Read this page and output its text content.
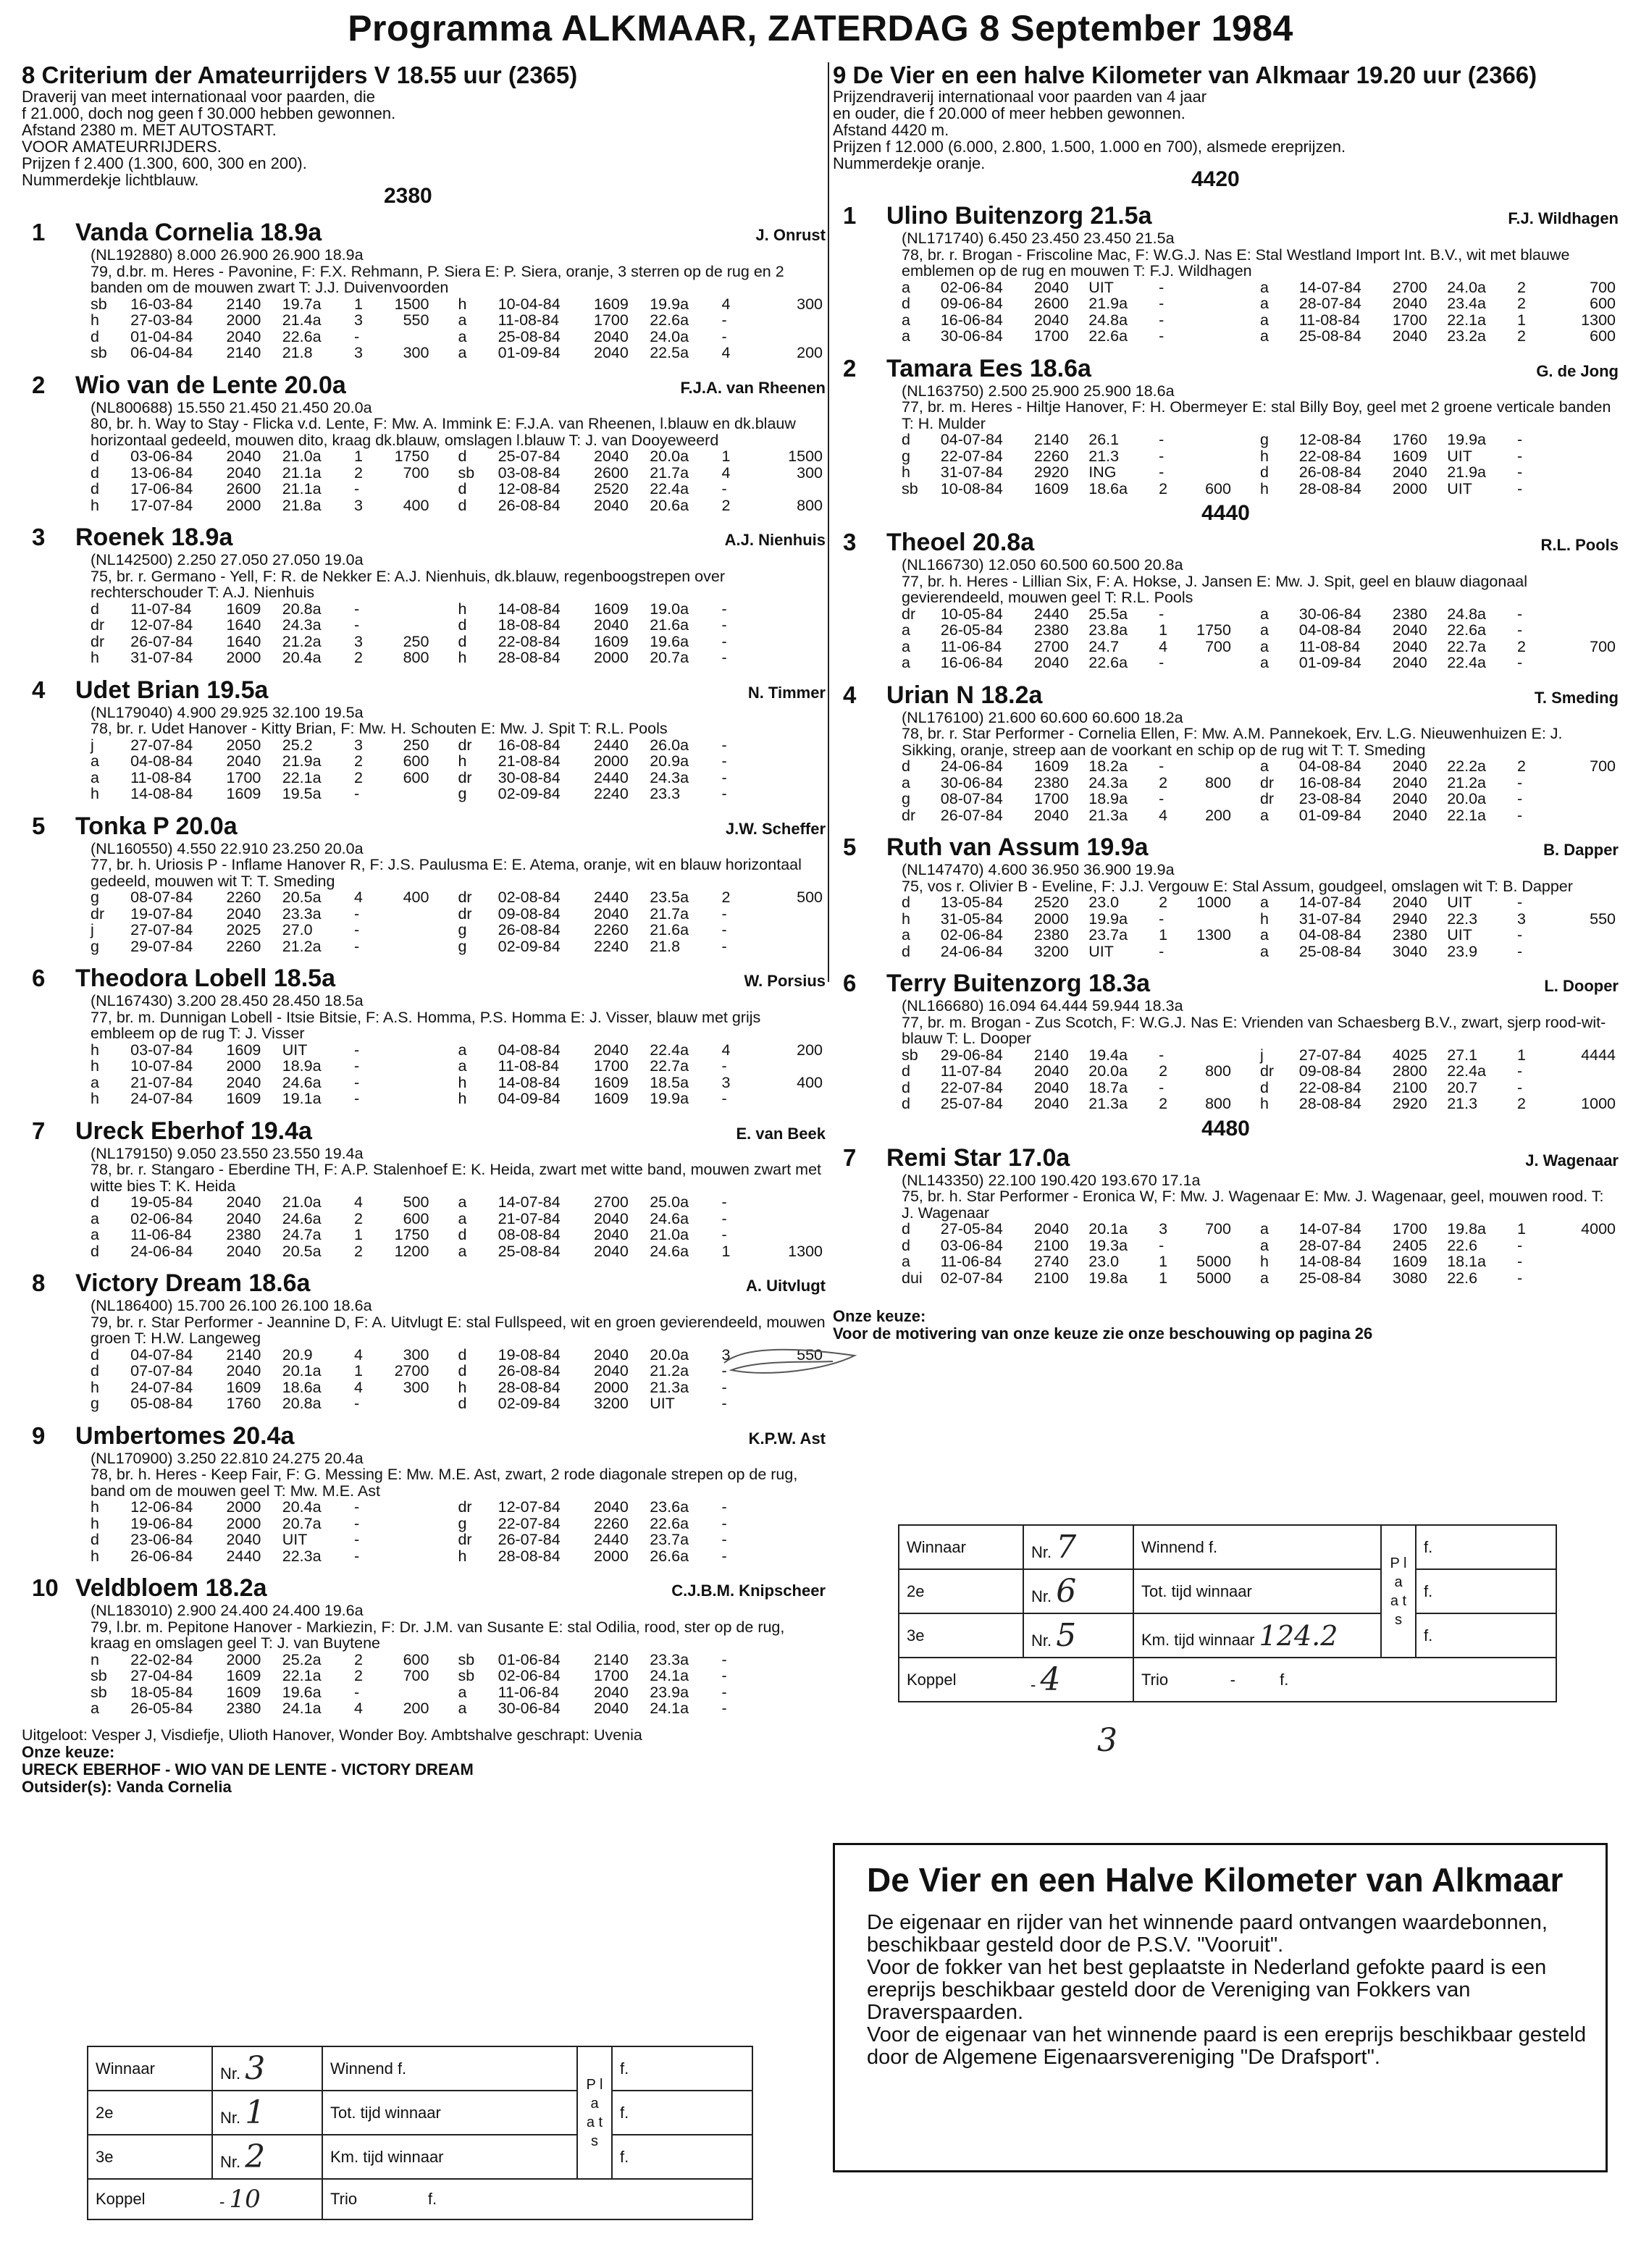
Programma ALKMAAR, ZATERDAG 8 September 1984
8 Criterium der Amateurrijders V 18.55 uur (2365)
Draverij van meet internationaal voor paarden, die
f 21.000, doch nog geen f 30.000 hebben gewonnen.
Afstand 2380 m. MET AUTOSTART.
VOOR AMATEURRIJDERS.
Prijzen f 2.400 (1.300, 600, 300 en 200).
Nummerdekje lichtblauw.
2380
1	Vanda Cornelia 18.9a	J. Onrust
(NL192880) 8.000 26.900 26.900 18.9a
79, d.br. m. Heres - Pavonine, F: F.X. Rehmann, P. Siera E: P. Siera, oranje, 3 sterren op de rug en 2 banden om de mouwen zwart T: J.J. Duivenvoorden
sb	16-03-84	2140	19.7a	1	1500	h	10-04-84	1609	19.9a	4	300
h	27-03-84	2000	21.4a	3	550	a	11-08-84	1700	22.6a	-	
d	01-04-84	2040	22.6a	-		a	25-08-84	2040	24.0a	-	
sb	06-04-84	2140	21.8	3	300	a	01-09-84	2040	22.5a	4	200
2	Wio van de Lente 20.0a	F.J.A. van Rheenen
(NL800688) 15.550 21.450 21.450 20.0a
80, br. h. Way to Stay - Flicka v.d. Lente, F: Mw. A. Immink E: F.J.A. van Rheenen, l.blauw en dk.blauw horizontaal gedeeld, mouwen dito, kraag dk.blauw, omslagen l.blauw T: J. van Dooyeweerd
d	03-06-84	2040	21.0a	1	1750	d	25-07-84	2040	20.0a	1	1500
d	13-06-84	2040	21.1a	2	700	sb	03-08-84	2600	21.7a	4	300
d	17-06-84	2600	21.1a	-		d	12-08-84	2520	22.4a	-	
h	17-07-84	2000	21.8a	3	400	d	26-08-84	2040	20.6a	2	800
3	Roenek 18.9a	A.J. Nienhuis
(NL142500) 2.250 27.050 27.050 19.0a
75, br. r. Germano - Yell, F: R. de Nekker E: A.J. Nienhuis, dk.blauw, regenboogstrepen over rechterschouder T: A.J. Nienhuis
d	11-07-84	1609	20.8a	-		h	14-08-84	1609	19.0a	-	
dr	12-07-84	1640	24.3a	-		d	18-08-84	2040	21.6a	-	
dr	26-07-84	1640	21.2a	3	250	d	22-08-84	1609	19.6a	-	
h	31-07-84	2000	20.4a	2	800	h	28-08-84	2000	20.7a	-	
4	Udet Brian 19.5a	N. Timmer
(NL179040) 4.900 29.925 32.100 19.5a
78, br. r. Udet Hanover - Kitty Brian, F: Mw. H. Schouten E: Mw. J. Spit T: R.L. Pools
j	27-07-84	2050	25.2	3	250	dr	16-08-84	2440	26.0a	-	
a	04-08-84	2040	21.9a	2	600	h	21-08-84	2000	20.9a	-	
a	11-08-84	1700	22.1a	2	600	dr	30-08-84	2440	24.3a	-	
h	14-08-84	1609	19.5a	-		g	02-09-84	2240	23.3	-	
5	Tonka P 20.0a	J.W. Scheffer
(NL160550) 4.550 22.910 23.250 20.0a
77, br. h. Uriosis P - Inflame Hanover R, F: J.S. Paulusma E: E. Atema, oranje, wit en blauw horizontaal gedeeld, mouwen wit T: T. Smeding
g	08-07-84	2260	20.5a	4	400	dr	02-08-84	2440	23.5a	2	500
dr	19-07-84	2040	23.3a	-		dr	09-08-84	2040	21.7a	-	
j	27-07-84	2025	27.0	-		g	26-08-84	2260	21.6a	-	
g	29-07-84	2260	21.2a	-		g	02-09-84	2240	21.8	-	
6	Theodora Lobell 18.5a	W. Porsius
(NL167430) 3.200 28.450 28.450 18.5a
77, br. m. Dunnigan Lobell - Itsie Bitsie, F: A.S. Homma, P.S. Homma E: J. Visser, blauw met grijs embleem op de rug T: J. Visser
h	03-07-84	1609	UIT	-		a	04-08-84	2040	22.4a	4	200
h	10-07-84	2000	18.9a	-		a	11-08-84	1700	22.7a	-	
a	21-07-84	2040	24.6a	-		h	14-08-84	1609	18.5a	3	400
h	24-07-84	1609	19.1a	-		h	04-09-84	1609	19.9a	-	
7	Ureck Eberhof 19.4a	E. van Beek
(NL179150) 9.050 23.550 23.550 19.4a
78, br. r. Stangaro - Eberdine TH, F: A.P. Stalenhoef E: K. Heida, zwart met witte band, mouwen zwart met witte bies T: K. Heida
d	19-05-84	2040	21.0a	4	500	a	14-07-84	2700	25.0a	-	
a	02-06-84	2040	24.6a	2	600	a	21-07-84	2040	24.6a	-	
a	11-06-84	2380	24.7a	1	1750	d	08-08-84	2040	21.0a	-	
d	24-06-84	2040	20.5a	2	1200	a	25-08-84	2040	24.6a	1	1300
8	Victory Dream 18.6a	A. Uitvlugt
(NL186400) 15.700 26.100 26.100 18.6a
79, br. r. Star Performer - Jeannine D, F: A. Uitvlugt E: stal Fullspeed, wit en groen gevierendeeld, mouwen groen T: H.W. Langeweg
d	04-07-84	2140	20.9	4	300	d	19-08-84	2040	20.0a	3	550
d	07-07-84	2040	20.1a	1	2700	d	26-08-84	2040	21.2a	-	
h	24-07-84	1609	18.6a	4	300	h	28-08-84	2000	21.3a	-	
g	05-08-84	1760	20.8a	-		d	02-09-84	3200	UIT	-	
9	Umbertomes 20.4a	K.P.W. Ast
(NL170900) 3.250 22.810 24.275 20.4a
78, br. h. Heres - Keep Fair, F: G. Messing E: Mw. M.E. Ast, zwart, 2 rode diagonale strepen op de rug, band om de mouwen geel T: Mw. M.E. Ast
h	12-06-84	2000	20.4a	-		dr	12-07-84	2040	23.6a	-	
h	19-06-84	2000	20.7a	-		g	22-07-84	2260	22.6a	-	
d	23-06-84	2040	UIT	-		dr	26-07-84	2440	23.7a	-	
h	26-06-84	2440	22.3a	-		h	28-08-84	2000	26.6a	-	
10 Veldbloem 18.2a	C.J.B.M. Knipscheer
(NL183010) 2.900 24.400 24.400 19.6a
79, l.br. m. Pepitone Hanover - Markiezin, F: Dr. J.M. van Susante E: stal Odilia, rood, ster op de rug, kraag en omslagen geel T: J. van Buytene
n	22-02-84	2000	25.2a	2	600	sb	01-06-84	2140	23.3a	-	
sb	27-04-84	1609	22.1a	2	700	sb	02-06-84	1700	24.1a	-	
sb	18-05-84	1609	19.6a	-		a	11-06-84	2040	23.9a	-	
a	26-05-84	2380	24.1a	4	200	a	30-06-84	2040	24.1a	-	
Uitgeloot: Vesper J, Visdiefje, Ulioth Hanover, Wonder Boy. Ambtshalve geschrapt: Uvenia
Onze keuze:
URECK EBERHOF - WIO VAN DE LENTE - VICTORY DREAM
Outsider(s): Vanda Cornelia
Winnaar	Nr. 3	Winnend f.	P l a a t s	f.
2e	Nr. 1	Tot. tijd winnaar		f.
3e	Nr. 2	Km. tijd winnaar		f.
Koppel	- 10	Trio f.		
9 De Vier en een halve Kilometer van Alkmaar 19.20 uur (2366)
Prijzendraverij internationaal voor paarden van 4 jaar
en ouder, die f 20.000 of meer hebben gewonnen.
Afstand 4420 m.
Prijzen f 12.000 (6.000, 2.800, 1.500, 1.000 en 700), alsmede ereprijzen.
Nummerdekje oranje.
4420
1	Ulino Buitenzorg 21.5a	F.J. Wildhagen
(NL171740) 6.450 23.450 23.450 21.5a
78, br. r. Brogan - Friscoline Mac, F: W.G.J. Nas E: Stal Westland Import Int. B.V., wit met blauwe emblemen op de rug en mouwen T: F.J. Wildhagen
a	02-06-84	2040	UIT	-		a	14-07-84	2700	24.0a	2	700
d	09-06-84	2600	21.9a	-		a	28-07-84	2040	23.4a	2	600
a	16-06-84	2040	24.8a	-		a	11-08-84	1700	22.1a	1	1300
a	30-06-84	1700	22.6a	-		a	25-08-84	2040	23.2a	2	600
2	Tamara Ees 18.6a	G. de Jong
(NL163750) 2.500 25.900 25.900 18.6a
77, br. m. Heres - Hiltje Hanover, F: H. Obermeyer E: stal Billy Boy, geel met 2 groene verticale banden T: H. Mulder
d	04-07-84	2140	26.1	-		g	12-08-84	1760	19.9a	-	
g	22-07-84	2260	21.3	-		h	22-08-84	1609	UIT	-	
h	31-07-84	2920	ING	-		d	26-08-84	2040	21.9a	-	
sb	10-08-84	1609	18.6a	2	600	h	28-08-84	2000	UIT	-	
4440
3	Theoel 20.8a	R.L. Pools
(NL166730) 12.050 60.500 60.500 20.8a
77, br. h. Heres - Lillian Six, F: A. Hokse, J. Jansen E: Mw. J. Spit, geel en blauw diagonaal gevierendeeld, mouwen geel T: R.L. Pools
dr	10-05-84	2440	25.5a	-		a	30-06-84	2380	24.8a	-	
a	26-05-84	2380	23.8a	1	1750	a	04-08-84	2040	22.6a	-	
a	11-06-84	2700	24.7	4	700	a	11-08-84	2040	22.7a	2	700
a	16-06-84	2040	22.6a	-		a	01-09-84	2040	22.4a	-	
4	Urian N 18.2a	T. Smeding
(NL176100) 21.600 60.600 60.600 18.2a
78, br. r. Star Performer - Cornelia Ellen, F: Mw. A.M. Pannekoek, Erv. L.G. Nieuwenhuizen E: J. Sikking, oranje, streep aan de voorkant en schip op de rug wit T: T. Smeding
d	24-06-84	1609	18.2a	-		a	04-08-84	2040	22.2a	2	700
a	30-06-84	2380	24.3a	2	800	dr	16-08-84	2040	21.2a	-	
g	08-07-84	1700	18.9a	-		dr	23-08-84	2040	20.0a	-	
dr	26-07-84	2040	21.3a	4	200	a	01-09-84	2040	22.1a	-	
5	Ruth van Assum 19.9a	B. Dapper
(NL147470) 4.600 36.950 36.900 19.9a
75, vos r. Olivier B - Eveline, F: J.J. Vergouw E: Stal Assum, goudgeel, omslagen wit T: B. Dapper
d	13-05-84	2520	23.0	2	1000	a	14-07-84	2040	UIT	-	
h	31-05-84	2000	19.9a	-		h	31-07-84	2940	22.3	3	550
a	02-06-84	2380	23.7a	1	1300	a	04-08-84	2380	UIT	-	
d	24-06-84	3200	UIT	-		a	25-08-84	3040	23.9	-	
6	Terry Buitenzorg 18.3a	L. Dooper
(NL166680) 16.094 64.444 59.944 18.3a
77, br. m. Brogan - Zus Scotch, F: W.G.J. Nas E: Vrienden van Schaesberg B.V., zwart, sjerp rood-wit-blauw T: L. Dooper
sb	29-06-84	2140	19.4a	-		j	27-07-84	4025	27.1	1	4444
d	11-07-84	2040	20.0a	2	800	dr	09-08-84	2800	22.4a	-	
d	22-07-84	2040	18.7a	-		d	22-08-84	2100	20.7	-	
d	25-07-84	2040	21.3a	2	800	h	28-08-84	2920	21.3	2	1000
4480
7	Remi Star 17.0a	J. Wagenaar
(NL143350) 22.100 190.420 193.670 17.1a
75, br. h. Star Performer - Eronica W, F: Mw. J. Wagenaar E: Mw. J. Wagenaar, geel, mouwen rood. T: J. Wagenaar
d	27-05-84	2040	20.1a	3	700	a	14-07-84	1700	19.8a	1	4000
d	03-06-84	2100	19.3a	-		a	28-07-84	2405	22.6	-	
a	11-06-84	2740	23.0	1	5000	h	14-08-84	1609	18.1a	-	
dui	02-07-84	2100	19.8a	1	5000	a	25-08-84	3080	22.6	-	
Onze keuze:
Voor de motivering van onze keuze zie onze beschouwing op pagina 26
Winnaar	Nr. 7	Winnend f.	P l a a t s	f.
2e	Nr. 6	Tot. tijd winnaar		f.
3e	Nr. 5	Km. tijd winnaar 124.2		f.
Koppel	- 4	Trio - f.		
3
De Vier en een Halve Kilometer van Alkmaar

De eigenaar en rijder van het winnende paard ontvangen waardebonnen, beschikbaar gesteld door de P.S.V. "Vooruit".
Voor de fokker van het best geplaatste in Nederland gefokte paard is een ereprijs beschikbaar gesteld door de Vereniging van Fokkers van Draverspaarden.
Voor de eigenaar van het winnende paard is een ereprijs beschikbaar gesteld door de Algemene Eigenaarsvereniging "De Drafsport".
